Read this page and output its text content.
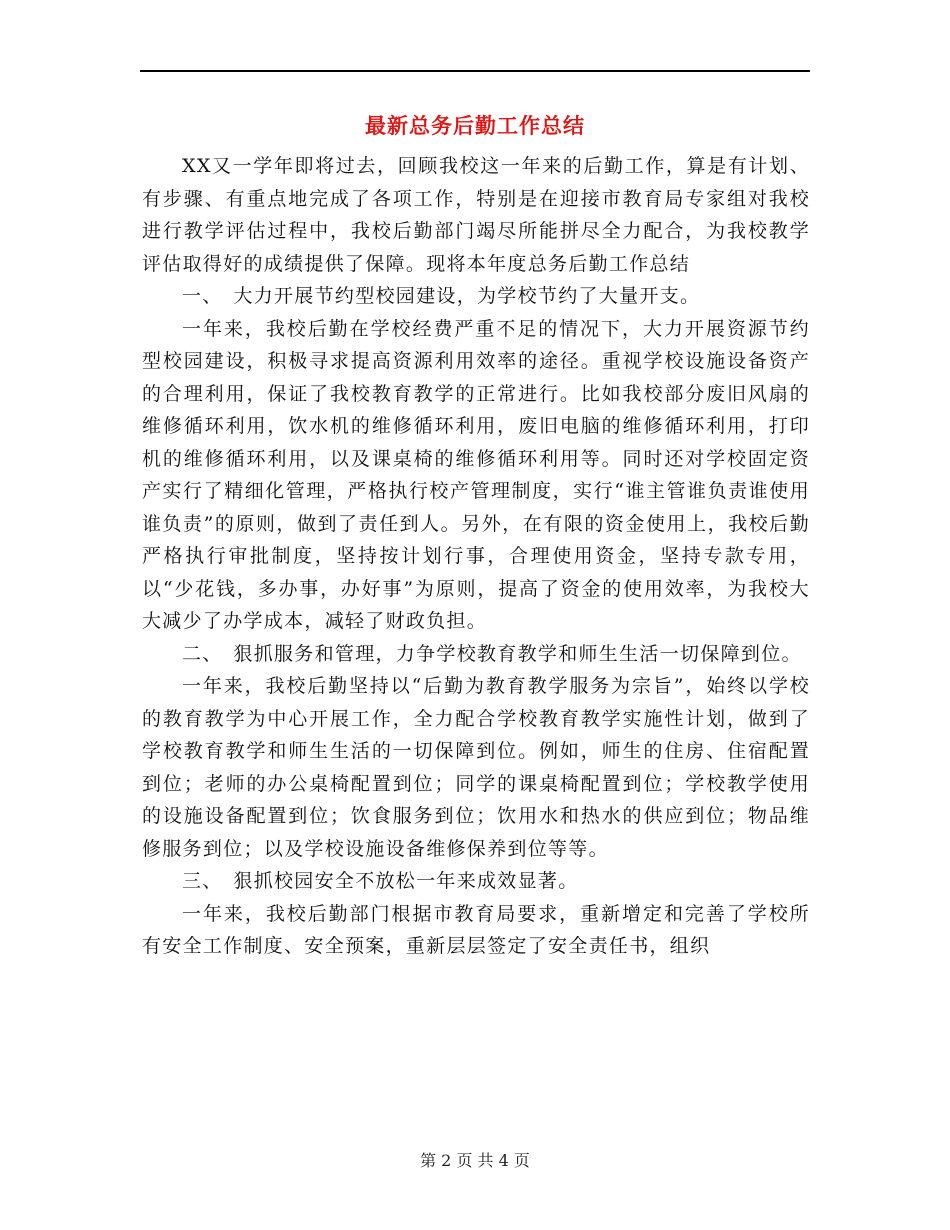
最新总务后勤工作总结

XX又一学年即将过去，回顾我校这一年来的后勤工作，算是有计划、有步骤、有重点地完成了各项工作，特别是在迎接市教育局专家组对我校进行教学评估过程中，我校后勤部门竭尽所能拼尽全力配合，为我校教学评估取得好的成绩提供了保障。现将本年度总务后勤工作总结

一、　大力开展节约型校园建设，为学校节约了大量开支。

一年来，我校后勤在学校经费严重不足的情况下，大力开展资源节约型校园建设，积极寻求提高资源利用效率的途径。重视学校设施设备资产的合理利用，保证了我校教育教学的正常进行。比如我校部分废旧风扇的维修循环利用，饮水机的维修循环利用，废旧电脑的维修循环利用，打印机的维修循环利用，以及课桌椅的维修循环利用等。同时还对学校固定资产实行了精细化管理，严格执行校产管理制度，实行“谁主管谁负责谁使用谁负责”的原则，做到了责任到人。另外，在有限的资金使用上，我校后勤严格执行审批制度，坚持按计划行事，合理使用资金，坚持专款专用，以“少花钱，多办事，办好事”为原则，提高了资金的使用效率，为我校大大减少了办学成本，减轻了财政负担。

二、　狠抓服务和管理，力争学校教育教学和师生生活一切保障到位。

一年来，我校后勤坚持以“后勤为教育教学服务为宗旨”，始终以学校的教育教学为中心开展工作，全力配合学校教育教学实施性计划，做到了学校教育教学和师生生活的一切保障到位。例如，师生的住房、住宿配置到位；老师的办公桌椅配置到位；同学的课桌椅配置到位；学校教学使用的设施设备配置到位；饮食服务到位；饮用水和热水的供应到位；物品维修服务到位；以及学校设施设备维修保养到位等等。

三、　狠抓校园安全不放松一年来成效显著。

一年来，我校后勤部门根据市教育局要求，重新增定和完善了学校所有安全工作制度、安全预案，重新层层签定了安全责任书，组织

第 2 页 共 4 页
